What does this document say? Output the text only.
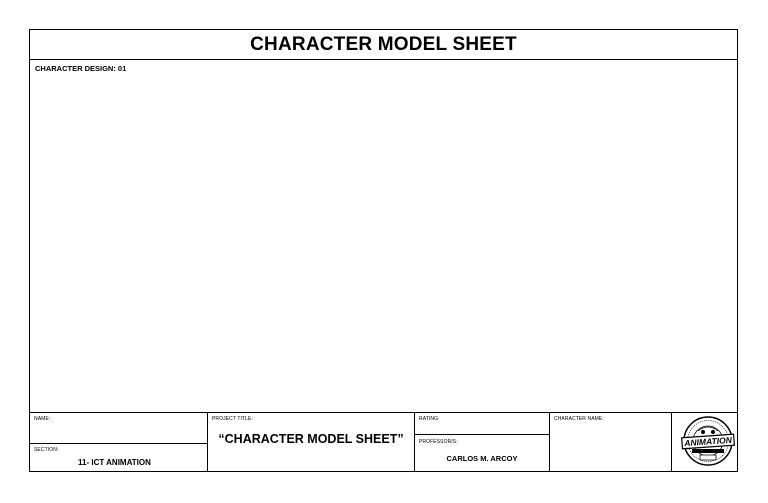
CHARACTER MODEL SHEET
CHARACTER DESIGN: 01
NAME:
SECTION:
11- ICT ANIMATION
PROJECT TITLE:
“CHARACTER MODEL SHEET”
RATING:
PROFESSOR/S:
CARLOS M. ARCOY
CHARACTER NAME:
ANIMATION
